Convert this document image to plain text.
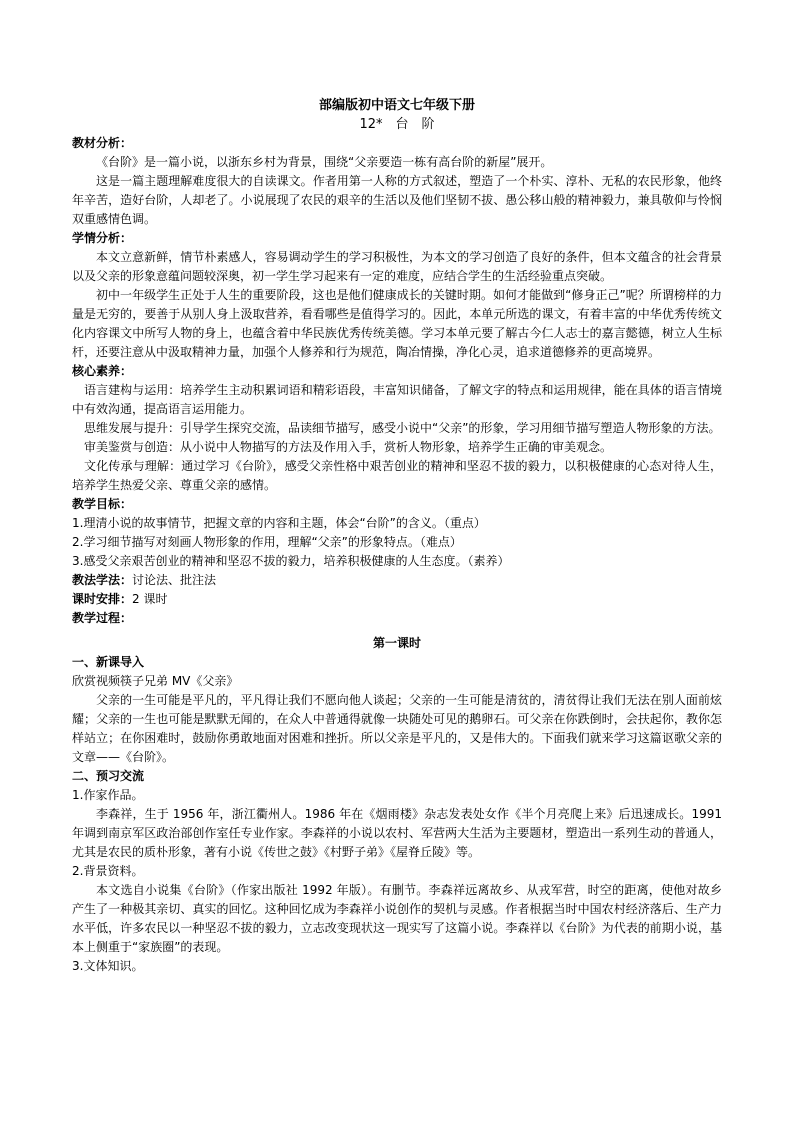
部编版初中语文七年级下册
12*　台　阶
教材分析：
《台阶》是一篇小说，以浙东乡村为背景，围绕“父亲要造一栋有高台阶的新屋”展开。
这是一篇主题理解难度很大的自读课文。作者用第一人称的方式叙述，塑造了一个朴实、淳朴、无私的农民形象，他终年辛苦，造好台阶，人却老了。小说展现了农民的艰辛的生活以及他们坚韧不拔、愚公移山般的精神毅力，兼具敬仰与怜悯双重感情色调。
学情分析：
本文立意新鲜，情节朴素感人，容易调动学生的学习积极性，为本文的学习创造了良好的条件，但本文蕴含的社会背景以及父亲的形象意蕴问题较深奥，初一学生学习起来有一定的难度，应结合学生的生活经验重点突破。
初中一年级学生正处于人生的重要阶段，这也是他们健康成长的关键时期。如何才能做到“修身正己”呢？所谓榜样的力量是无穷的，要善于从别人身上汲取营养，看看哪些是值得学习的。因此，本单元所选的课文，有着丰富的中华优秀传统文化内容课文中所写人物的身上，也蕴含着中华民族优秀传统美德。学习本单元要了解古今仁人志士的嘉言懿德，树立人生标杆，还要注意从中汲取精神力量，加强个人修养和行为规范，陶冶情操，净化心灵，追求道德修养的更高境界。
核心素养：
语言建构与运用：培养学生主动积累词语和精彩语段，丰富知识储备，了解文字的特点和运用规律，能在具体的语言情境中有效沟通，提高语言运用能力。
思维发展与提升：引导学生探究交流，品读细节描写，感受小说中“父亲”的形象，学习用细节描写塑造人物形象的方法。
审美鉴赏与创造：从小说中人物描写的方法及作用入手，赏析人物形象，培养学生正确的审美观念。
文化传承与理解：通过学习《台阶》，感受父亲性格中艰苦创业的精神和坚忍不拔的毅力，以积极健康的心态对待人生，培养学生热爱父亲、尊重父亲的感情。
教学目标：
1.理清小说的故事情节，把握文章的内容和主题，体会“台阶”的含义。（重点）
2.学习细节描写对刻画人物形象的作用，理解“父亲”的形象特点。（难点）
3.感受父亲艰苦创业的精神和坚忍不拔的毅力，培养积极健康的人生态度。（素养）
教法学法：讨论法、批注法
课时安排：2 课时
教学过程：
第一课时
一、新课导入
欣赏视频筷子兄弟 MV《父亲》
父亲的一生可能是平凡的，平凡得让我们不愿向他人谈起；父亲的一生可能是清贫的，清贫得让我们无法在别人面前炫耀；父亲的一生也可能是默默无闻的，在众人中普通得就像一块随处可见的鹅卵石。可父亲在你跌倒时，会扶起你，教你怎样站立；在你困难时，鼓励你勇敢地面对困难和挫折。所以父亲是平凡的，又是伟大的。下面我们就来学习这篇讴歌父亲的文章——《台阶》。
二、预习交流
1.作家作品。
李森祥，生于 1956 年，浙江衢州人。1986 年在《烟雨楼》杂志发表处女作《半个月亮爬上来》后迅速成长。1991 年调到南京军区政治部创作室任专业作家。李森祥的小说以农村、军营两大生活为主要题材，塑造出一系列生动的普通人，尤其是农民的质朴形象，著有小说《传世之鼓》《村野子弟》《屋脊丘陵》等。
2.背景资料。
本文选自小说集《台阶》（作家出版社 1992 年版）。有删节。李森祥远离故乡、从戎军营，时空的距离，使他对故乡产生了一种极其亲切、真实的回忆。这种回忆成为李森祥小说创作的契机与灵感。作者根据当时中国农村经济落后、生产力水平低，许多农民以一种坚忍不拔的毅力，立志改变现状这一现实写了这篇小说。李森祥以《台阶》为代表的前期小说，基本上侧重于“家族圈”的表现。
3.文体知识。
